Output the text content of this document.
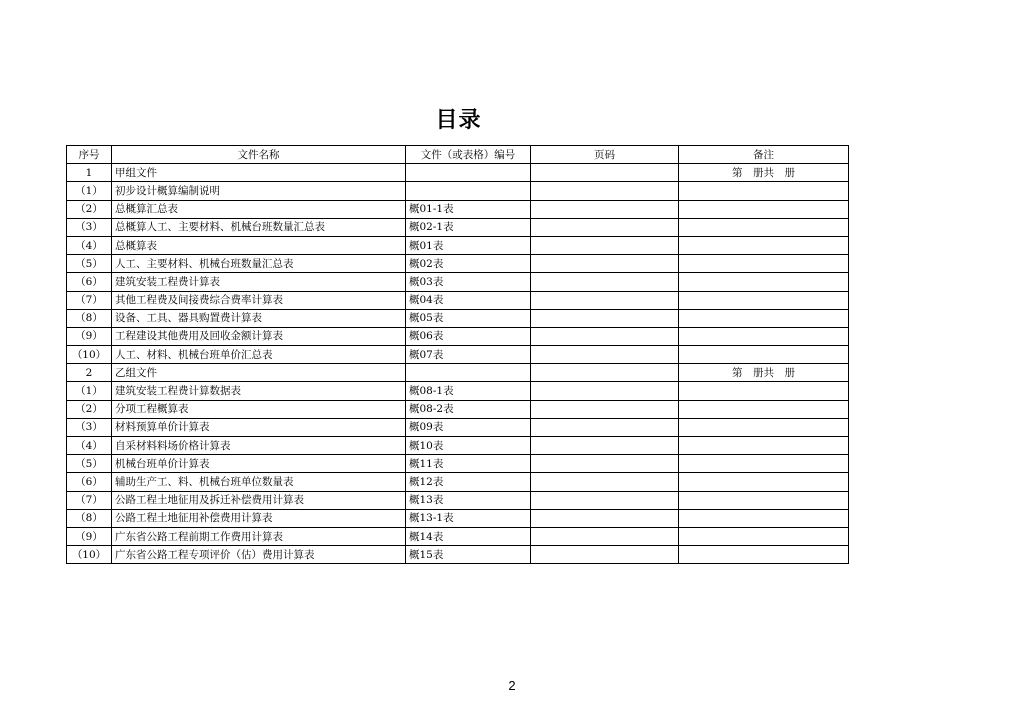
目录
序号	文件名称	文件（或表格）编号	页码	备注
1	甲组文件			第　册共　册
（1）	初步设计概算编制说明			
（2）	总概算汇总表	概01-1表		
（3）	总概算人工、主要材料、机械台班数量汇总表	概02-1表		
（4）	总概算表	概01表		
（5）	人工、主要材料、机械台班数量汇总表	概02表		
（6）	建筑安装工程费计算表	概03表		
（7）	其他工程费及间接费综合费率计算表	概04表		
（8）	设备、工具、器具购置费计算表	概05表		
（9）	工程建设其他费用及回收金额计算表	概06表		
（10）	人工、材料、机械台班单价汇总表	概07表		
2	乙组文件			第　册共　册
（1）	建筑安装工程费计算数据表	概08-1表		
（2）	分项工程概算表	概08-2表		
（3）	材料预算单价计算表	概09表		
（4）	自采材料料场价格计算表	概10表		
（5）	机械台班单价计算表	概11表		
（6）	辅助生产工、料、机械台班单位数量表	概12表		
（7）	公路工程土地征用及拆迁补偿费用计算表	概13表		
（8）	公路工程土地征用补偿费用计算表	概13-1表		
（9）	广东省公路工程前期工作费用计算表	概14表		
（10）	广东省公路工程专项评价（估）费用计算表	概15表		
2
